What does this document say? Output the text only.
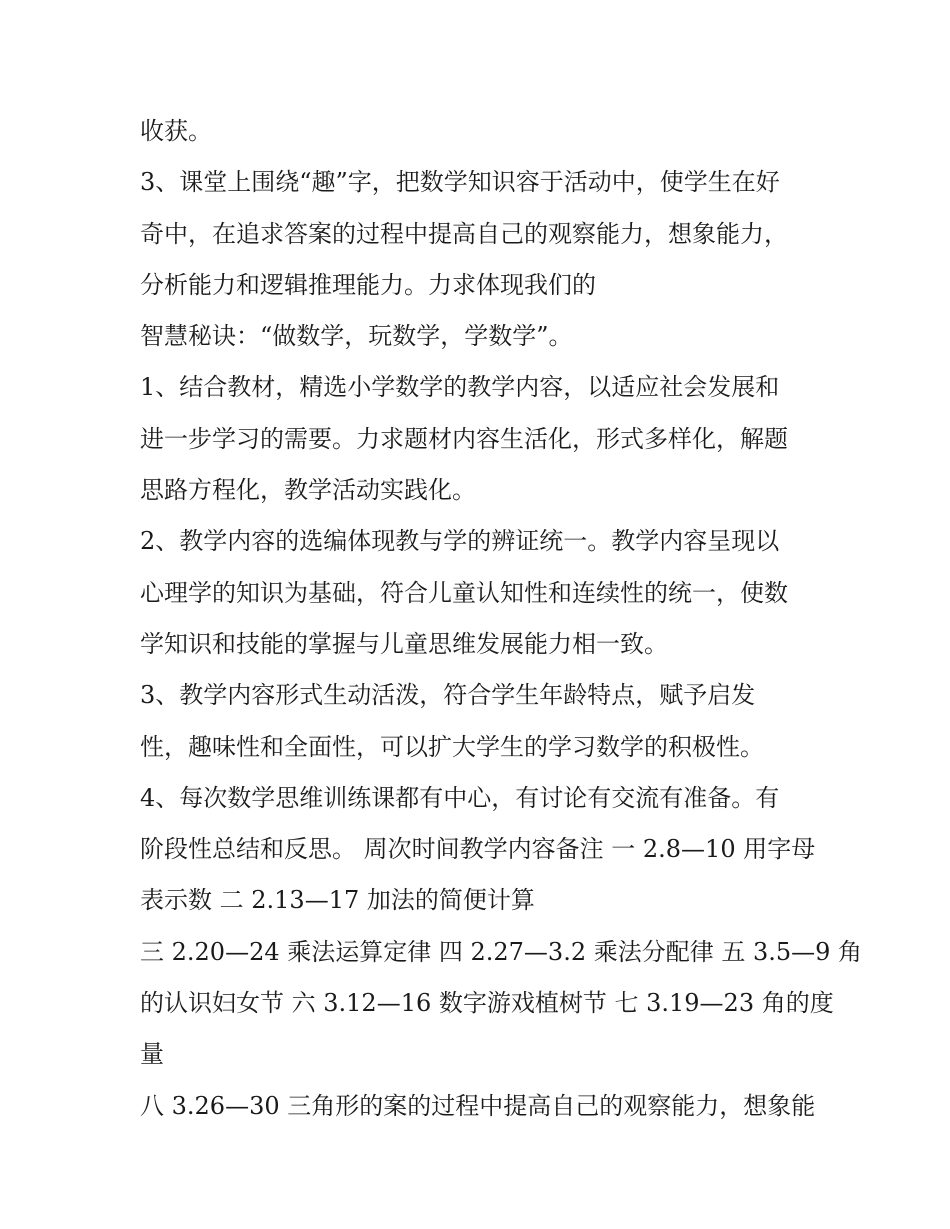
收获。
3、课堂上围绕“趣”字，把数学知识容于活动中，使学生在好
奇中，在追求答案的过程中提高自己的观察能力，想象能力，
分析能力和逻辑推理能力。力求体现我们的
智慧秘诀：“做数学，玩数学，学数学”。
1、结合教材，精选小学数学的教学内容，以适应社会发展和
进一步学习的需要。力求题材内容生活化，形式多样化，解题
思路方程化，教学活动实践化。
2、教学内容的选编体现教与学的辨证统一。教学内容呈现以
心理学的知识为基础，符合儿童认知性和连续性的统一，使数
学知识和技能的掌握与儿童思维发展能力相一致。
3、教学内容形式生动活泼，符合学生年龄特点，赋予启发
性，趣味性和全面性，可以扩大学生的学习数学的积极性。
4、每次数学思维训练课都有中心，有讨论有交流有准备。有
阶段性总结和反思。 周次时间教学内容备注 一 2.8—10 用字母
表示数 二 2.13—17 加法的简便计算
三 2.20—24 乘法运算定律 四 2.27—3.2 乘法分配律 五 3.5—9 角
的认识妇女节 六 3.12—16 数字游戏植树节 七 3.19—23 角的度
量
八 3.26—30 三角形的案的过程中提高自己的观察能力，想象能
